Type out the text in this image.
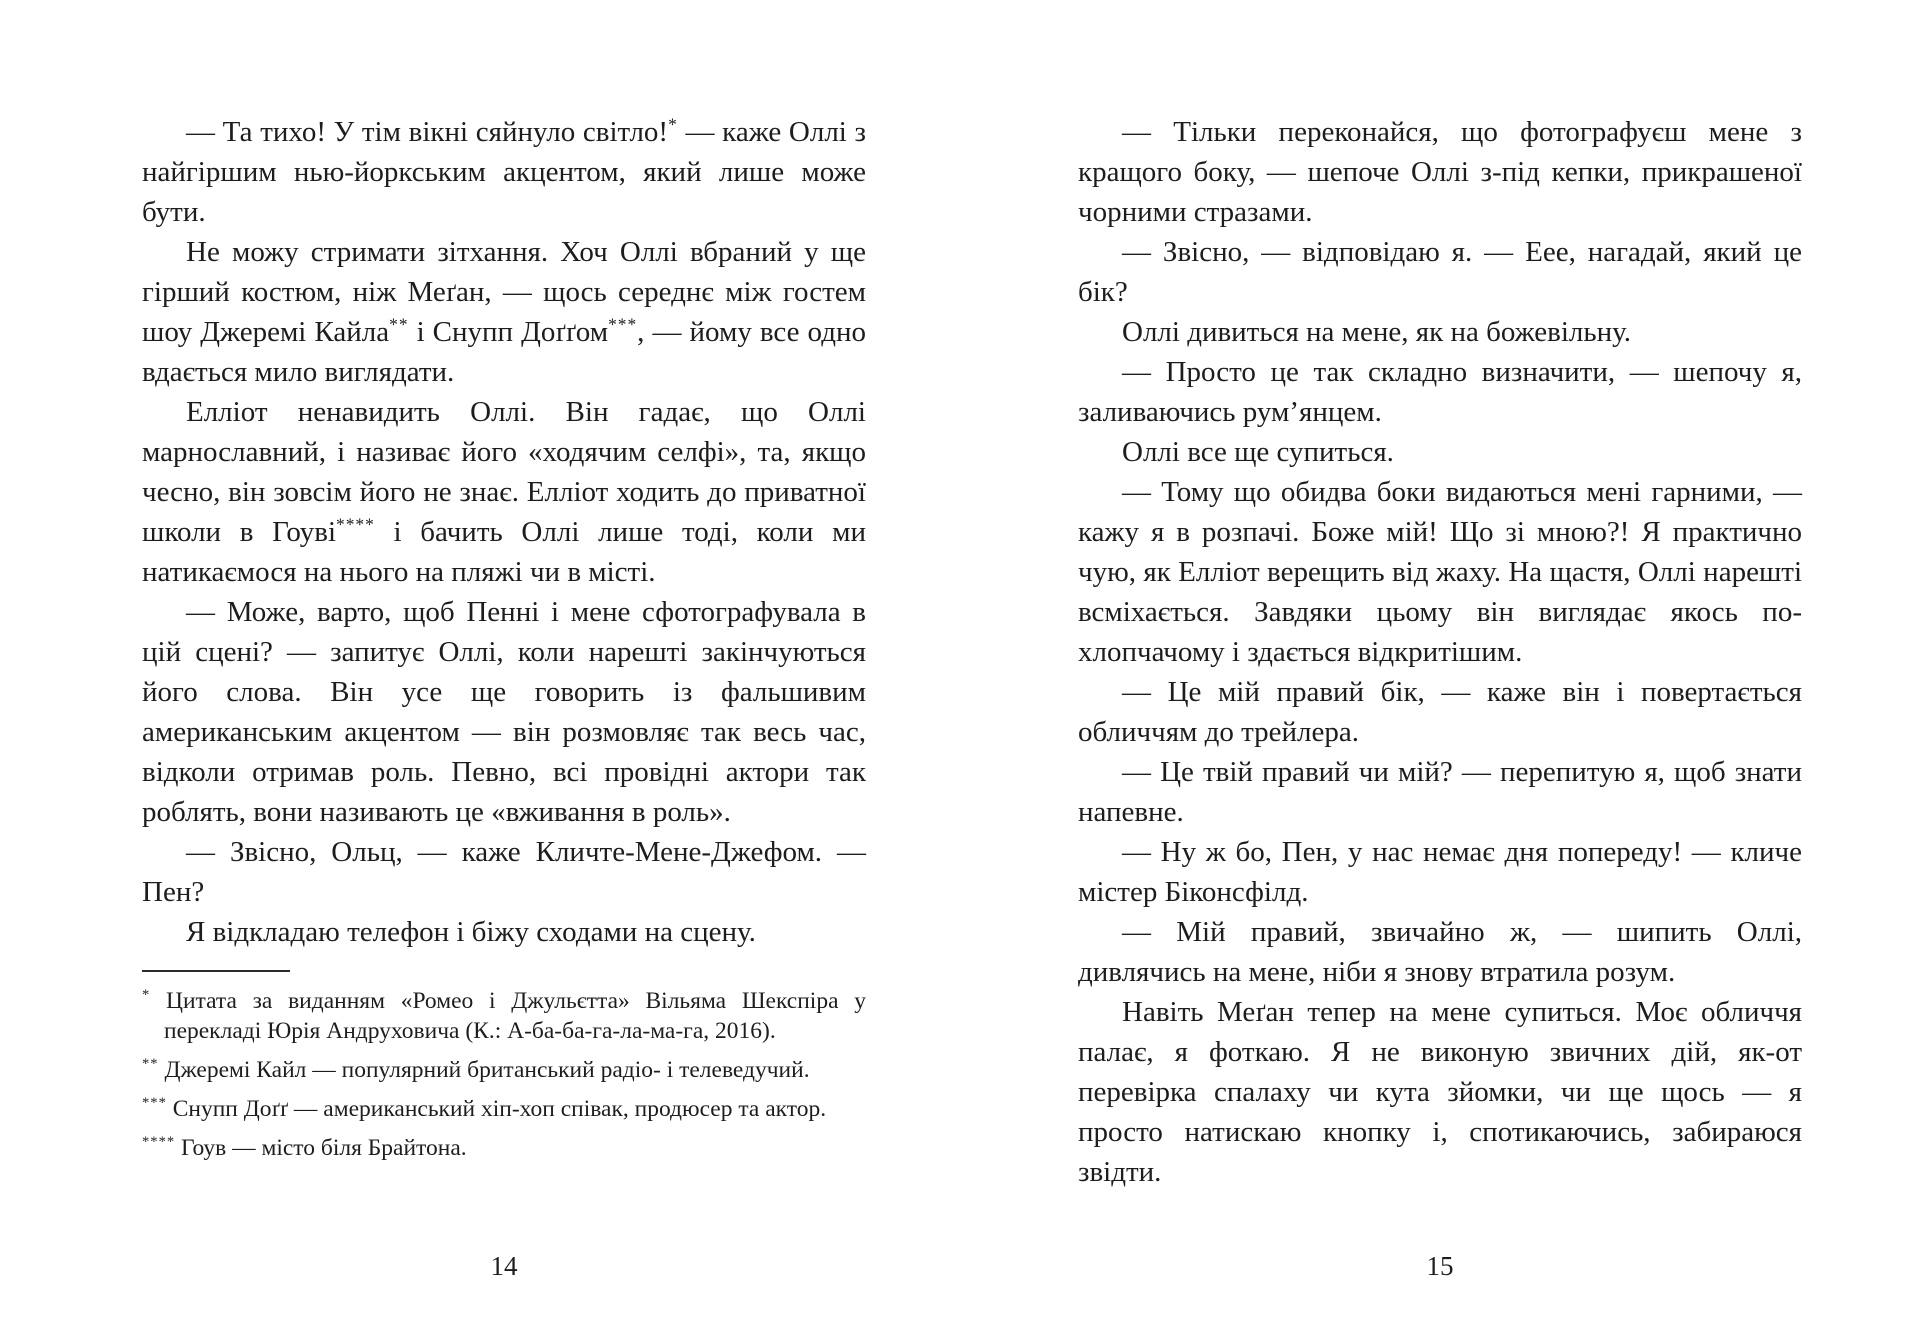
— Та тихо! У тім вікні сяйнуло світло!* — каже Оллі з найгіршим нью-йоркським акцентом, який лише може бути.

Не можу стримати зітхання. Хоч Оллі вбраний у ще гірший костюм, ніж Меґан, — щось середнє між гостем шоу Джеремі Кайла** і Снупп Доґґом***, — йому все одно вдається мило виглядати.

Елліот ненавидить Оллі. Він гадає, що Оллі марнославний, і називає його «ходячим селфі», та, якщо чесно, він зовсім його не знає. Елліот ходить до приватної школи в Гоуві**** і бачить Оллі лише тоді, коли ми натикаємося на нього на пляжі чи в місті.

— Може, варто, щоб Пенні і мене сфотографувала в цій сцені? — запитує Оллі, коли нарешті закінчуються його слова. Він усе ще говорить із фальшивим американським акцентом — він розмовляє так весь час, відколи отримав роль. Певно, всі провідні актори так роблять, вони називають це «вживання в роль».

— Звісно, Ольц, — каже Кличте-Мене-Джефом. — Пен?

Я відкладаю телефон і біжу сходами на сцену.

* Цитата за виданням «Ромео і Джульєтта» Вільяма Шекспіра у перекладі Юрія Андруховича (К.: А-ба-ба-га-ла-ма-га, 2016).
** Джеремі Кайл — популярний британський радіо- і телеведучий.
*** Снупп Доґґ — американський хіп-хоп співак, продюсер та актор.
**** Гоув — місто біля Брайтона.
14

— Тільки переконайся, що фотографуєш мене з кращого боку, — шепоче Оллі з-під кепки, прикрашеної чорними стразами.

— Звісно, — відповідаю я. — Еее, нагадай, який це бік?

Оллі дивиться на мене, як на божевільну.

— Просто це так складно визначити, — шепочу я, заливаючись рум’янцем.

Оллі все ще супиться.

— Тому що обидва боки видаються мені гарними, — кажу я в розпачі. Боже мій! Що зі мною?! Я практично чую, як Елліот верещить від жаху. На щастя, Оллі нарешті всміхається. Завдяки цьому він виглядає якось по-хлопчачому і здається відкритішим.

— Це мій правий бік, — каже він і повертається обличчям до трейлера.

— Це твій правий чи мій? — перепитую я, щоб знати напевне.

— Ну ж бо, Пен, у нас немає дня попереду! — кличе містер Біконсфілд.

— Мій правий, звичайно ж, — шипить Оллі, дивлячись на мене, ніби я знову втратила розум.

Навіть Меґан тепер на мене супиться. Моє обличчя палає, я фоткаю. Я не виконую звичних дій, як-от перевірка спалаху чи кута зйомки, чи ще щось — я просто натискаю кнопку і, спотикаючись, забираюся звідти.

15
